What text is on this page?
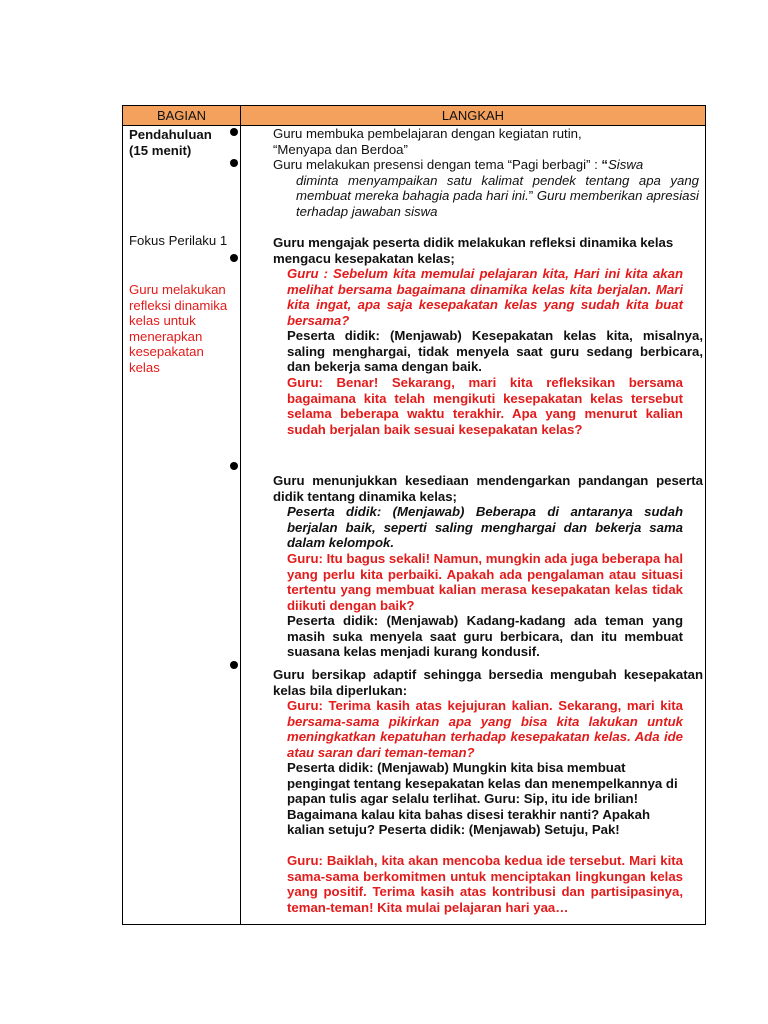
BAGIAN	LANGKAH

Pendahuluan (15 menit)

Fokus Perilaku 1

Guru melakukan refleksi dinamika kelas untuk menerapkan kesepakatan kelas

Guru membuka pembelajaran dengan kegiatan rutin,
“Menyapa dan Berdoa”

Guru melakukan presensi dengan tema “Pagi berbagi” : “Siswa

diminta menyampaikan satu kalimat pendek tentang apa yang membuat mereka bahagia pada hari ini.” Guru memberikan apresiasi terhadap jawaban siswa

Guru mengajak peserta didik melakukan refleksi dinamika kelas
mengacu kesepakatan kelas;

Guru : Sebelum kita memulai pelajaran kita, Hari ini kita akan melihat bersama bagaimana dinamika kelas kita berjalan. Mari kita ingat, apa saja kesepakatan kelas yang sudah kita buat bersama?

Peserta didik: (Menjawab) Kesepakatan kelas kita, misalnya, saling menghargai, tidak menyela saat guru sedang berbicara, dan bekerja sama dengan baik.

Guru: Benar! Sekarang, mari kita refleksikan bersama bagaimana kita telah mengikuti kesepakatan kelas tersebut selama beberapa waktu terakhir. Apa yang menurut kalian sudah berjalan baik sesuai kesepakatan kelas?

Guru menunjukkan kesediaan mendengarkan pandangan peserta didik tentang dinamika kelas;

Peserta didik: (Menjawab) Beberapa di antaranya sudah berjalan baik, seperti saling menghargai dan bekerja sama dalam kelompok.

Guru: Itu bagus sekali! Namun, mungkin ada juga beberapa hal yang perlu kita perbaiki. Apakah ada pengalaman atau situasi tertentu yang membuat kalian merasa kesepakatan kelas tidak diikuti dengan baik?

Peserta didik: (Menjawab) Kadang-kadang ada teman yang masih suka menyela saat guru berbicara, dan itu membuat suasana kelas menjadi kurang kondusif.

Guru bersikap adaptif sehingga bersedia mengubah kesepakatan kelas bila diperlukan:

Guru: Terima kasih atas kejujuran kalian. Sekarang, mari kita bersama-sama pikirkan apa yang bisa kita lakukan untuk meningkatkan kepatuhan terhadap kesepakatan kelas. Ada ide atau saran dari teman-teman?

Peserta didik: (Menjawab) Mungkin kita bisa membuat pengingat tentang kesepakatan kelas dan menempelkannya di papan tulis agar selalu terlihat. Guru: Sip, itu ide brilian! Bagaimana kalau kita bahas disesi terakhir nanti? Apakah kalian setuju? Peserta didik: (Menjawab) Setuju, Pak!

Guru: Baiklah, kita akan mencoba kedua ide tersebut. Mari kita sama-sama berkomitmen untuk menciptakan lingkungan kelas yang positif. Terima kasih atas kontribusi dan partisipasinya, teman-teman! Kita mulai pelajaran hari yaa…
